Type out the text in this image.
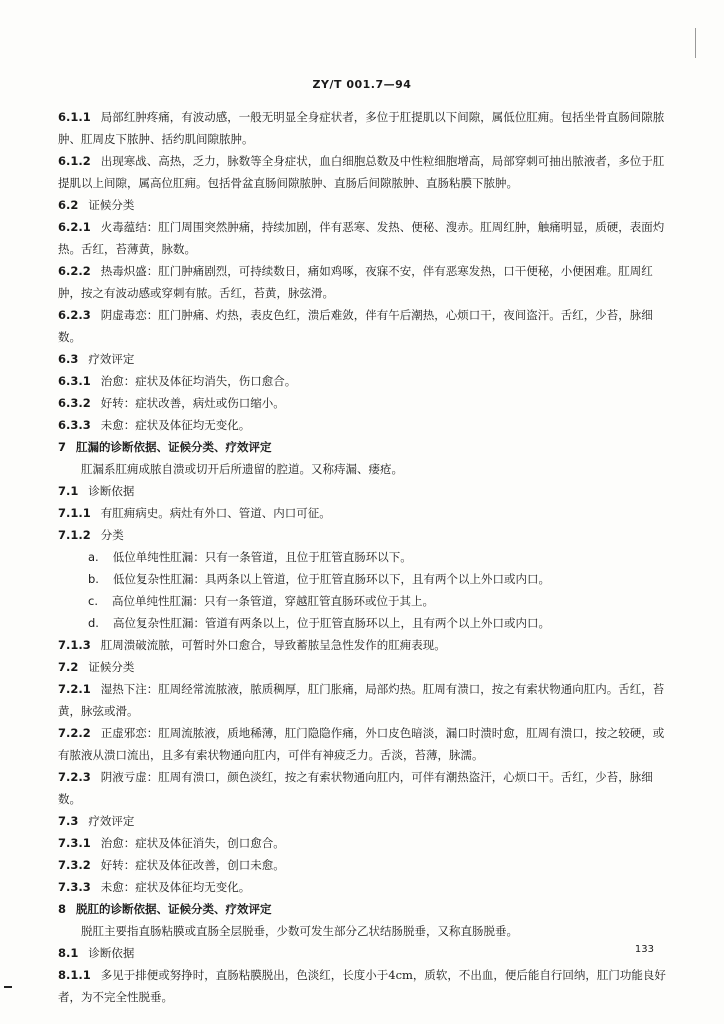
ZY/T 001.7—94
6.1.1 局部红肿疼痛，有波动感，一般无明显全身症状者，多位于肛提肌以下间隙，属低位肛痈。包括坐骨直肠间隙脓肿、肛周皮下脓肿、括约肌间隙脓肿。
6.1.2 出现寒战、高热，乏力，脉数等全身症状，血白细胞总数及中性粒细胞增高，局部穿刺可抽出脓液者，多位于肛提肌以上间隙，属高位肛痈。包括骨盆直肠间隙脓肿、直肠后间隙脓肿、直肠粘膜下脓肿。
6.2 证候分类
6.2.1 火毒蕴结：肛门周围突然肿痛，持续加剧，伴有恶寒、发热、便秘、溲赤。肛周红肿，触痛明显，质硬，表面灼热。舌红，苔薄黄，脉数。
6.2.2 热毒炽盛：肛门肿痛剧烈，可持续数日，痛如鸡啄，夜寐不安，伴有恶寒发热，口干便秘，小便困难。肛周红肿，按之有波动感或穿刺有脓。舌红，苔黄，脉弦滑。
6.2.3 阴虚毒恋：肛门肿痛、灼热，表皮色红，溃后难敛，伴有午后潮热，心烦口干，夜间盗汗。舌红，少苔，脉细数。
6.3 疗效评定
6.3.1 治愈：症状及体征均消失，伤口愈合。
6.3.2 好转：症状改善，病灶或伤口缩小。
6.3.3 未愈：症状及体征均无变化。
7 肛漏的诊断依据、证候分类、疗效评定
肛漏系肛痈成脓自溃或切开后所遗留的腔道。又称痔漏、瘘疮。
7.1 诊断依据
7.1.1 有肛痈病史。病灶有外口、管道、内口可征。
7.1.2 分类
a. 低位单纯性肛漏：只有一条管道，且位于肛管直肠环以下。
b. 低位复杂性肛漏：具两条以上管道，位于肛管直肠环以下，且有两个以上外口或内口。
c. 高位单纯性肛漏：只有一条管道，穿越肛管直肠环或位于其上。
d. 高位复杂性肛漏：管道有两条以上，位于肛管直肠环以上，且有两个以上外口或内口。
7.1.3 肛周溃破流脓，可暂时外口愈合，导致蓄脓呈急性发作的肛痈表现。
7.2 证候分类
7.2.1 湿热下注：肛周经常流脓液，脓质稠厚，肛门胀痛，局部灼热。肛周有溃口，按之有索状物通向肛内。舌红，苔黄，脉弦或滑。
7.2.2 正虚邪恋：肛周流脓液，质地稀薄，肛门隐隐作痛，外口皮色暗淡，漏口时溃时愈，肛周有溃口，按之较硬，或有脓液从溃口流出，且多有索状物通向肛内，可伴有神疲乏力。舌淡，苔薄，脉濡。
7.2.3 阴液亏虚：肛周有溃口，颜色淡红，按之有索状物通向肛内，可伴有潮热盗汗，心烦口干。舌红，少苔，脉细数。
7.3 疗效评定
7.3.1 治愈：症状及体征消失，创口愈合。
7.3.2 好转：症状及体征改善，创口未愈。
7.3.3 未愈：症状及体征均无变化。
8 脱肛的诊断依据、证候分类、疗效评定
脱肛主要指直肠粘膜或直肠全层脱垂，少数可发生部分乙状结肠脱垂，又称直肠脱垂。
8.1 诊断依据
8.1.1 多见于排便或努挣时，直肠粘膜脱出，色淡红，长度小于4cm，质软，不出血，便后能自行回纳，肛门功能良好者，为不完全性脱垂。
133
